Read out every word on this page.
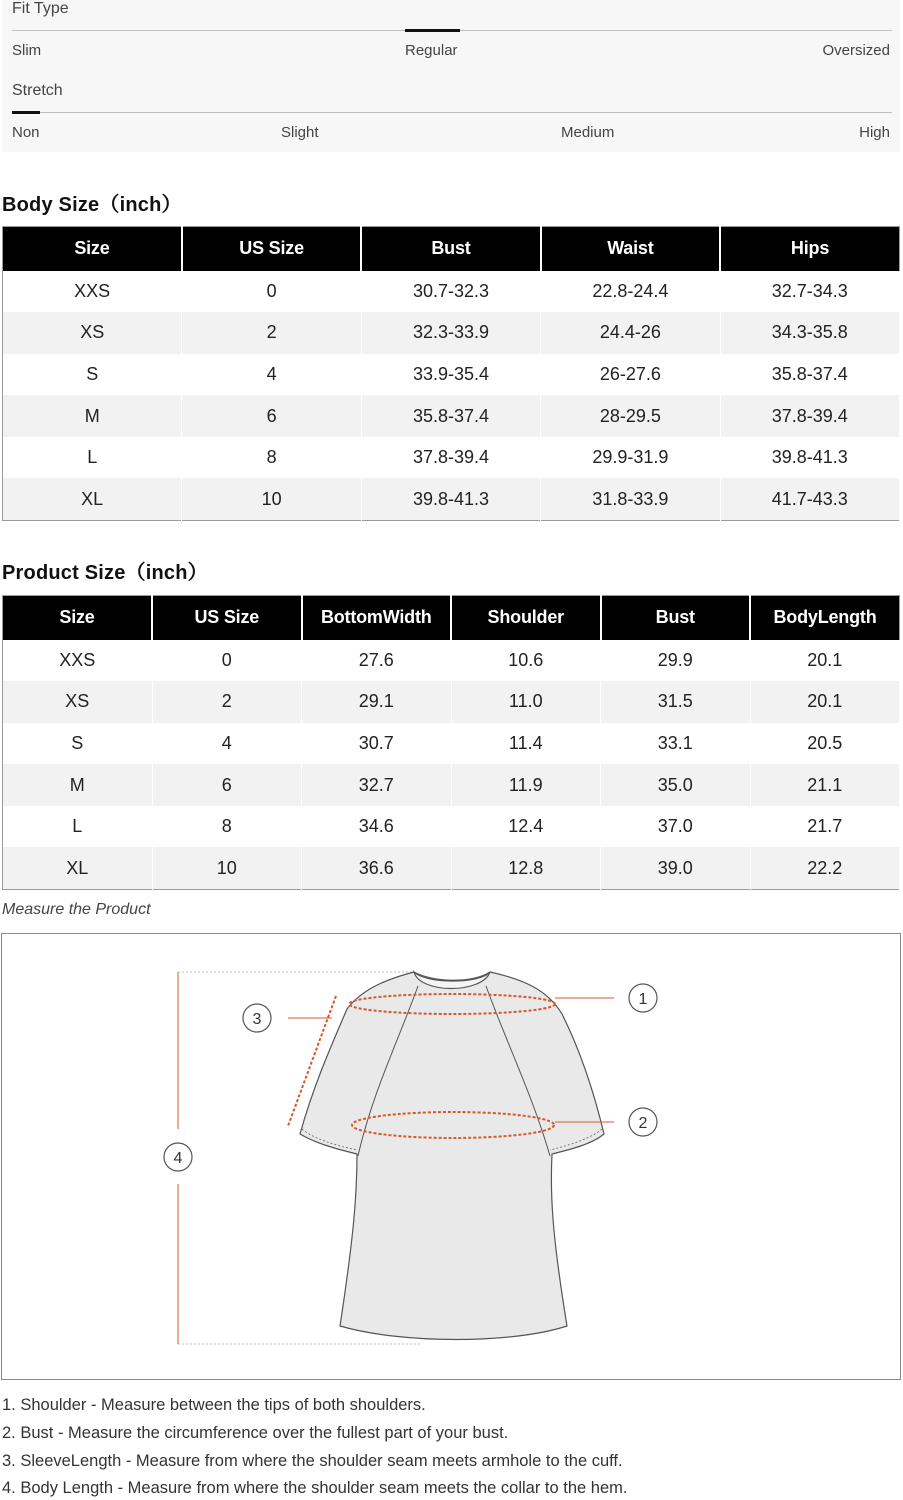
Fit Type
Slim	Regular	Oversized
Stretch
Non	Slight	Medium	High
Body Size（inch）
Size	US Size	Bust	Waist	Hips
XXS	0	30.7-32.3	22.8-24.4	32.7-34.3
XS	2	32.3-33.9	24.4-26	34.3-35.8
S	4	33.9-35.4	26-27.6	35.8-37.4
M	6	35.8-37.4	28-29.5	37.8-39.4
L	8	37.8-39.4	29.9-31.9	39.8-41.3
XL	10	39.8-41.3	31.8-33.9	41.7-43.3
Product Size（inch）
Size	US Size	BottomWidth	Shoulder	Bust	BodyLength
XXS	0	27.6	10.6	29.9	20.1
XS	2	29.1	11.0	31.5	20.1
S	4	30.7	11.4	33.1	20.5
M	6	32.7	11.9	35.0	21.1
L	8	34.6	12.4	37.0	21.7
XL	10	36.6	12.8	39.0	22.2
Measure the Product
1
2
3
4
1. Shoulder - Measure between the tips of both shoulders.
2. Bust - Measure the circumference over the fullest part of your bust.
3. SleeveLength - Measure from where the shoulder seam meets armhole to the cuff.
4. Body Length - Measure from where the shoulder seam meets the collar to the hem.
